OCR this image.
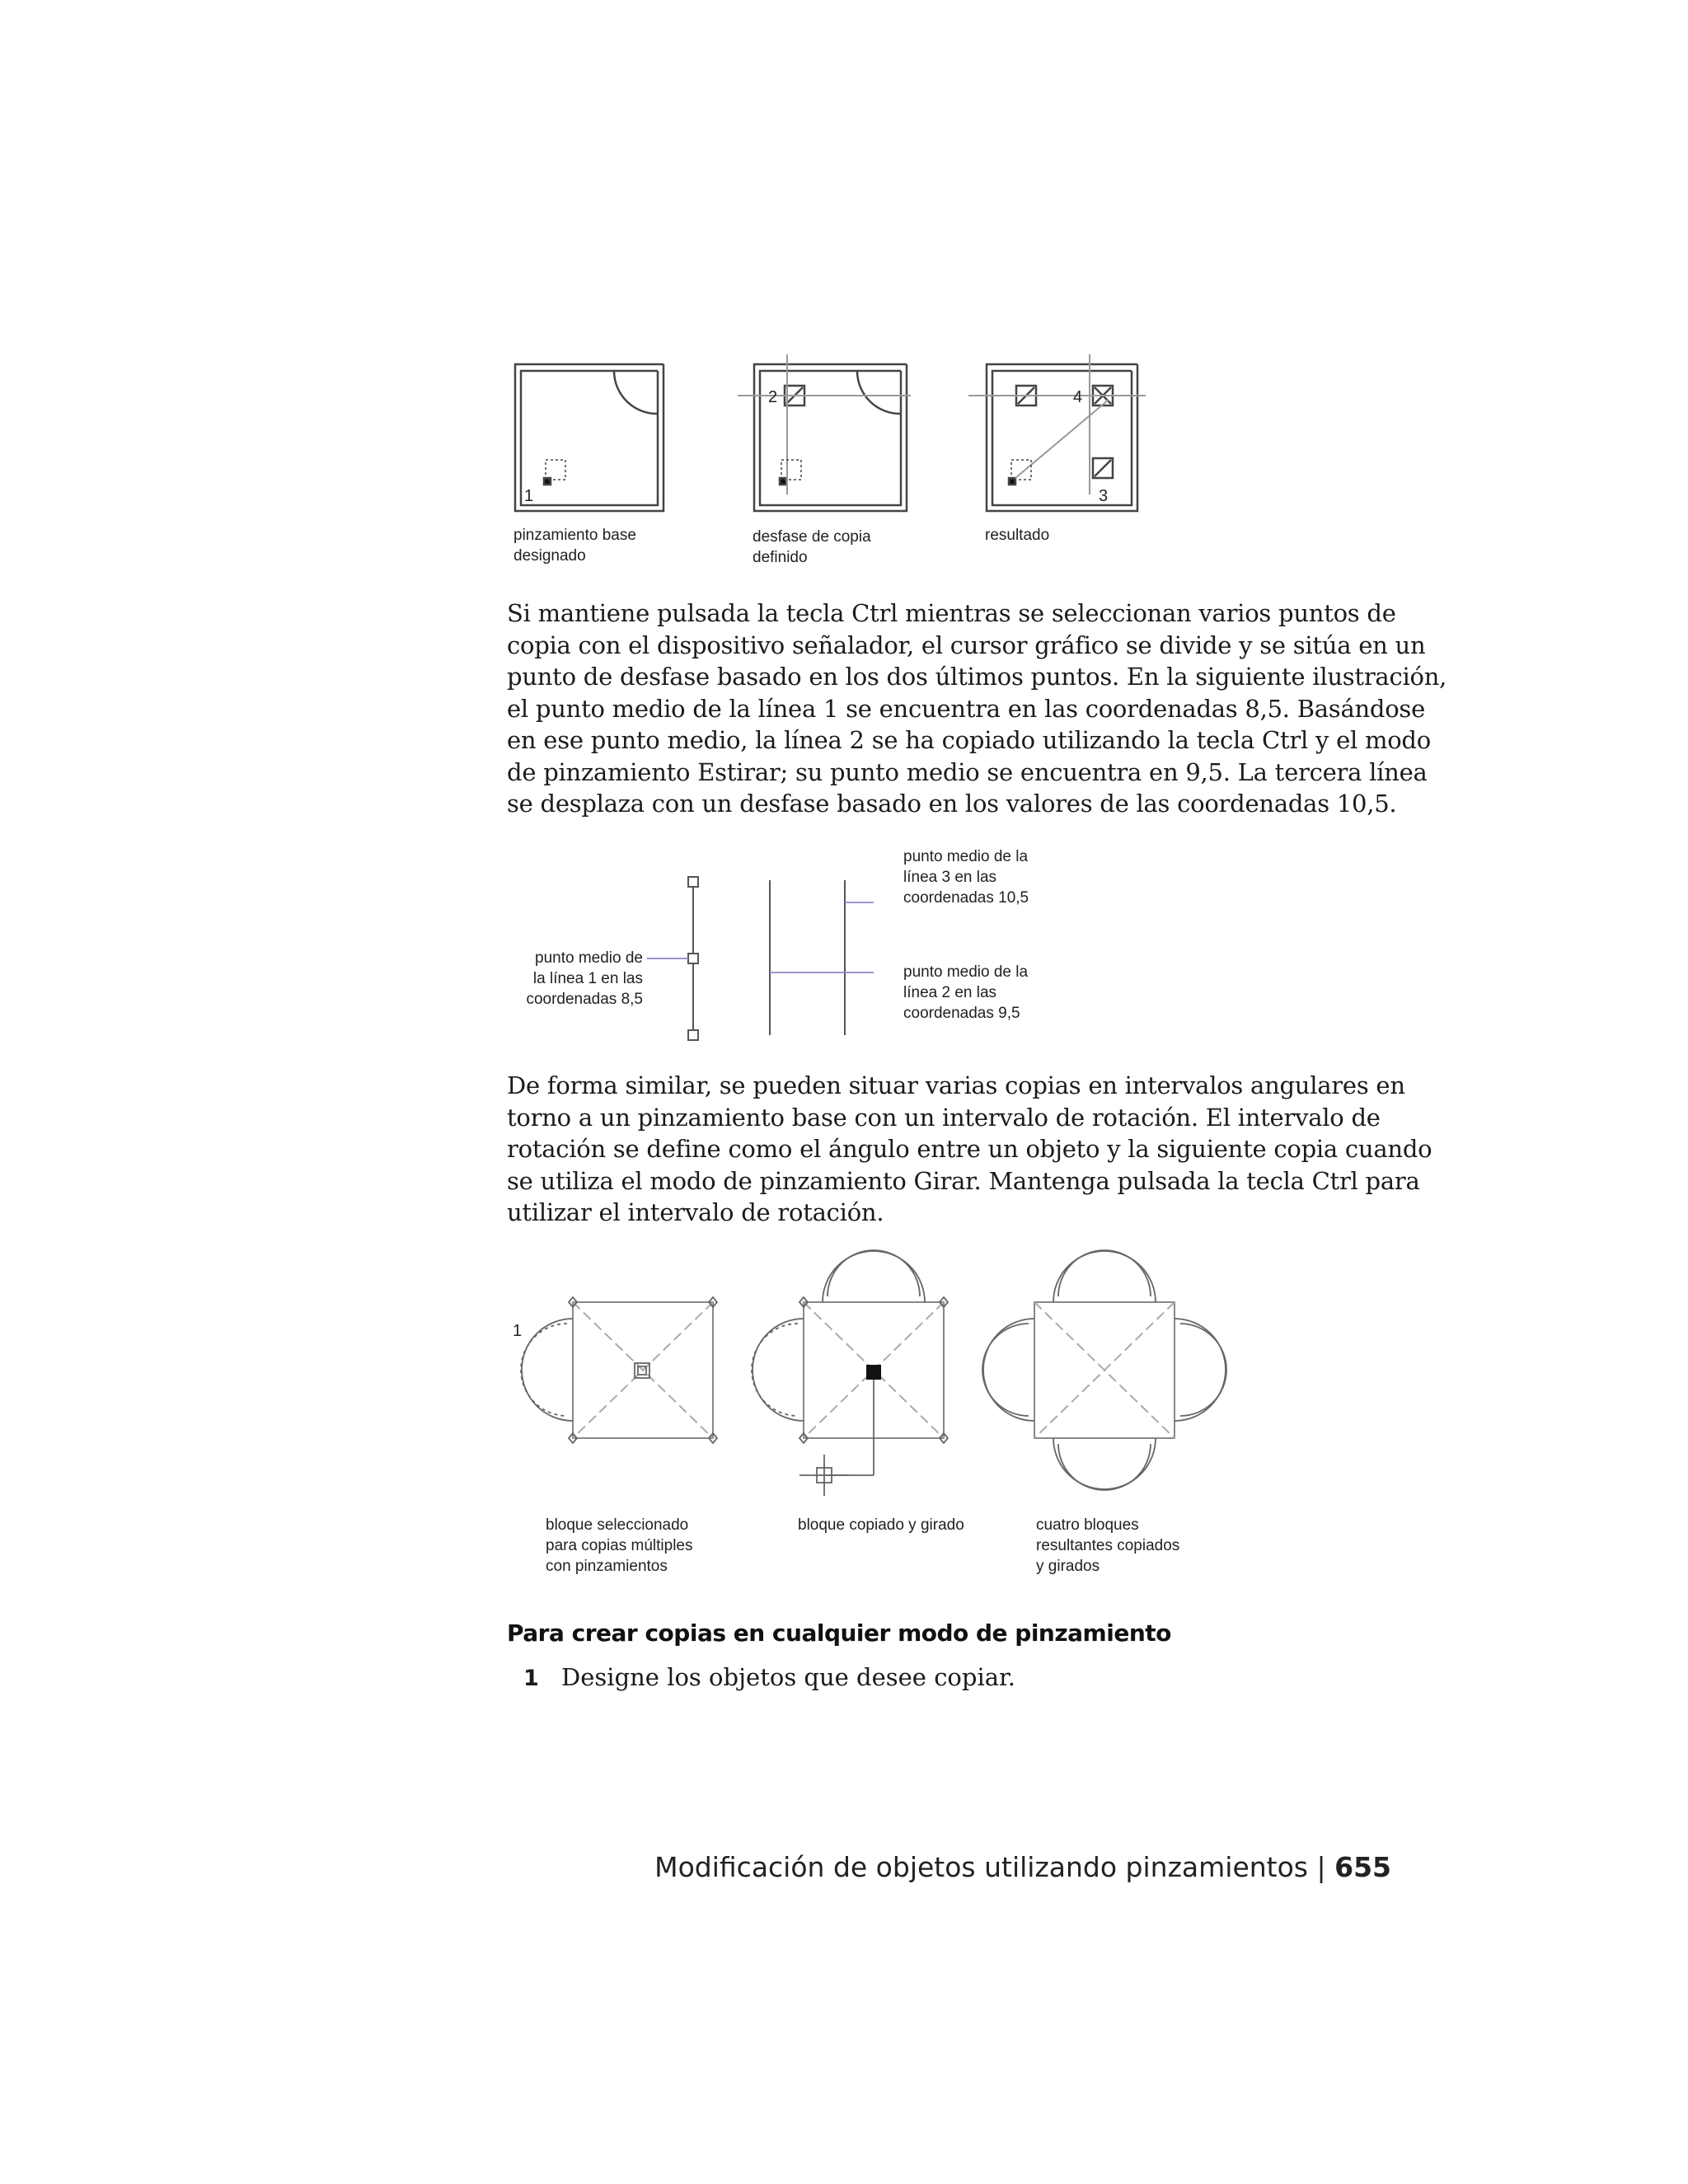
1
2	4
3
pinzamiento base
designado
desfase de copia
definido
resultado
Si mantiene pulsada la tecla Ctrl mientras se seleccionan varios puntos de
copia con el dispositivo señalador, el cursor gráfico se divide y se sitúa en un
punto de desfase basado en los dos últimos puntos. En la siguiente ilustración,
el punto medio de la línea 1 se encuentra en las coordenadas 8,5. Basándose
en ese punto medio, la línea 2 se ha copiado utilizando la tecla Ctrl y el modo
de pinzamiento Estirar; su punto medio se encuentra en 9,5. La tercera línea
se desplaza con un desfase basado en los valores de las coordenadas 10,5.
punto medio de
la línea 1 en las
coordenadas 8,5
punto medio de la
línea 3 en las
coordenadas 10,5
punto medio de la
línea 2 en las
coordenadas 9,5
De forma similar, se pueden situar varias copias en intervalos angulares en
torno a un pinzamiento base con un intervalo de rotación. El intervalo de
rotación se define como el ángulo entre un objeto y la siguiente copia cuando
se utiliza el modo de pinzamiento Girar. Mantenga pulsada la tecla Ctrl para
utilizar el intervalo de rotación.
1
bloque seleccionado
para copias múltiples
con pinzamientos
bloque copiado y girado	cuatro bloques
resultantes copiados
y girados
Para crear copias en cualquier modo de pinzamiento
1 Designe los objetos que desee copiar.
Modificación de objetos utilizando pinzamientos | 655
